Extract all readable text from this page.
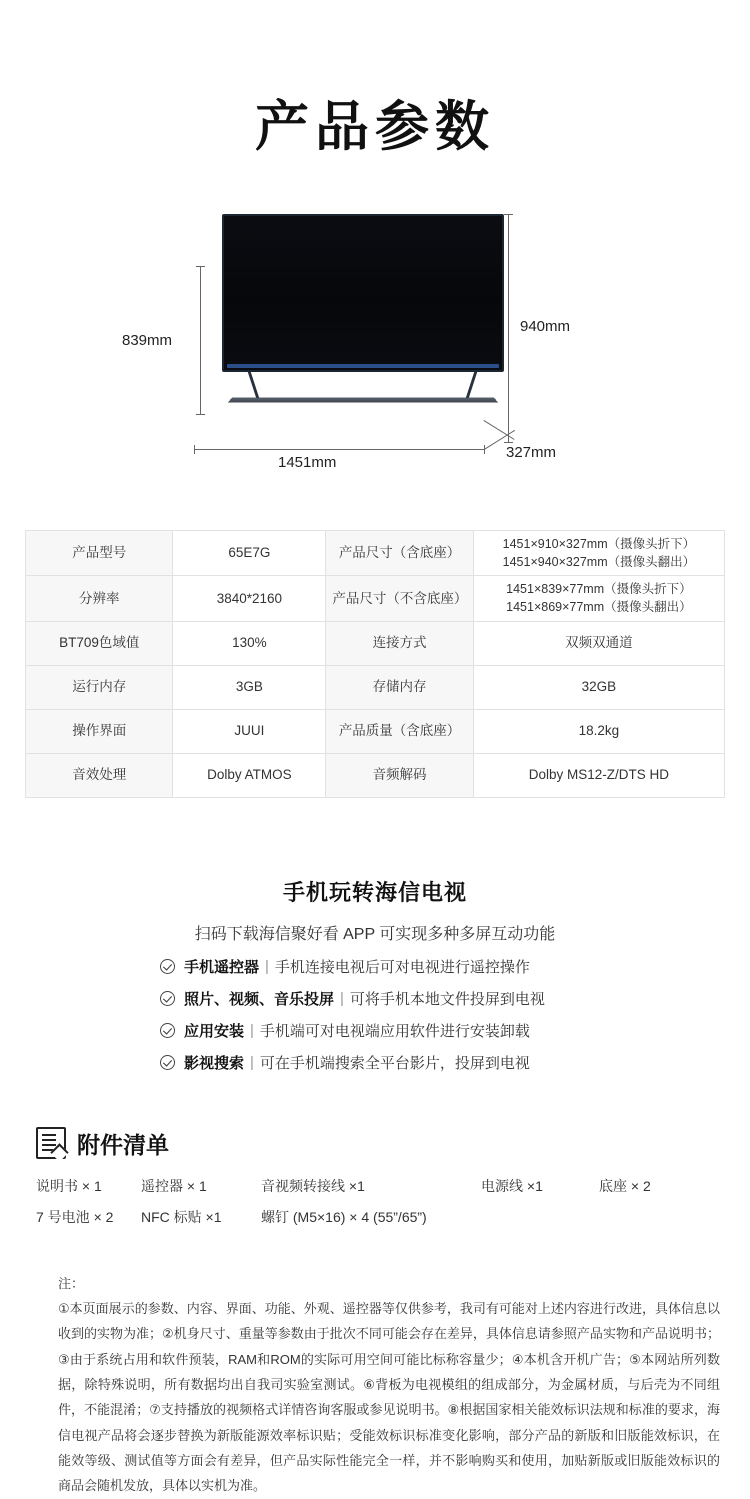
产品参数
839mm
940mm
1451mm
327mm
产品型号	65E7G	产品尺寸（含底座）	1451×910×327mm（摄像头折下）
1451×940×327mm（摄像头翻出）

分辨率	3840*2160	产品尺寸（不含底座）	1451×839×77mm（摄像头折下）
1451×869×77mm（摄像头翻出）

BT709色域值	130%	连接方式	双频双通道
运行内存	3GB	存储内存	32GB
操作界面	JUUI	产品质量（含底座）	18.2kg
音效处理	Dolby ATMOS	音频解码	Dolby MS12-Z/DTS HD
手机玩转海信电视
扫码下载海信聚好看 APP 可实现多种多屏互动功能
手机遥控器 | 手机连接电视后可对电视进行遥控操作
照片、视频、音乐投屏 | 可将手机本地文件投屏到电视
应用安装 | 手机端可对电视端应用软件进行安装卸载
影视搜索 | 可在手机端搜索全平台影片，投屏到电视
附件清单
说明书 × 1	遥控器 × 1	音视频转接线 ×1	电源线 ×1	底座 × 2
7 号电池 × 2	NFC 标贴 ×1	螺钉 (M5×16) × 4 (55”/65”)

注：

①本页面展示的参数、内容、界面、功能、外观、遥控器等仅供参考，我司有可能对上述内容进行改进，具体信息以收到的实物为准；②机身尺寸、重量等参数由于批次不同可能会存在差异，具体信息请参照产品实物和产品说明书；③由于系统占用和软件预装，RAM和ROM的实际可用空间可能比标称容量少；④本机含开机广告；⑤本网站所列数据，除特殊说明，所有数据均出自我司实验室测试。⑥背板为电视模组的组成部分，为金属材质，与后壳为不同组件，不能混淆；⑦支持播放的视频格式详情咨询客服或参见说明书。⑧根据国家相关能效标识法规和标准的要求，海信电视产品将会逐步替换为新版能源效率标识贴；受能效标识标准变化影响，部分产品的新版和旧版能效标识，在能效等级、测试值等方面会有差异，但产品实际性能完全一样，并不影响购买和使用，加贴新版或旧版能效标识的商品会随机发放，具体以实机为准。
